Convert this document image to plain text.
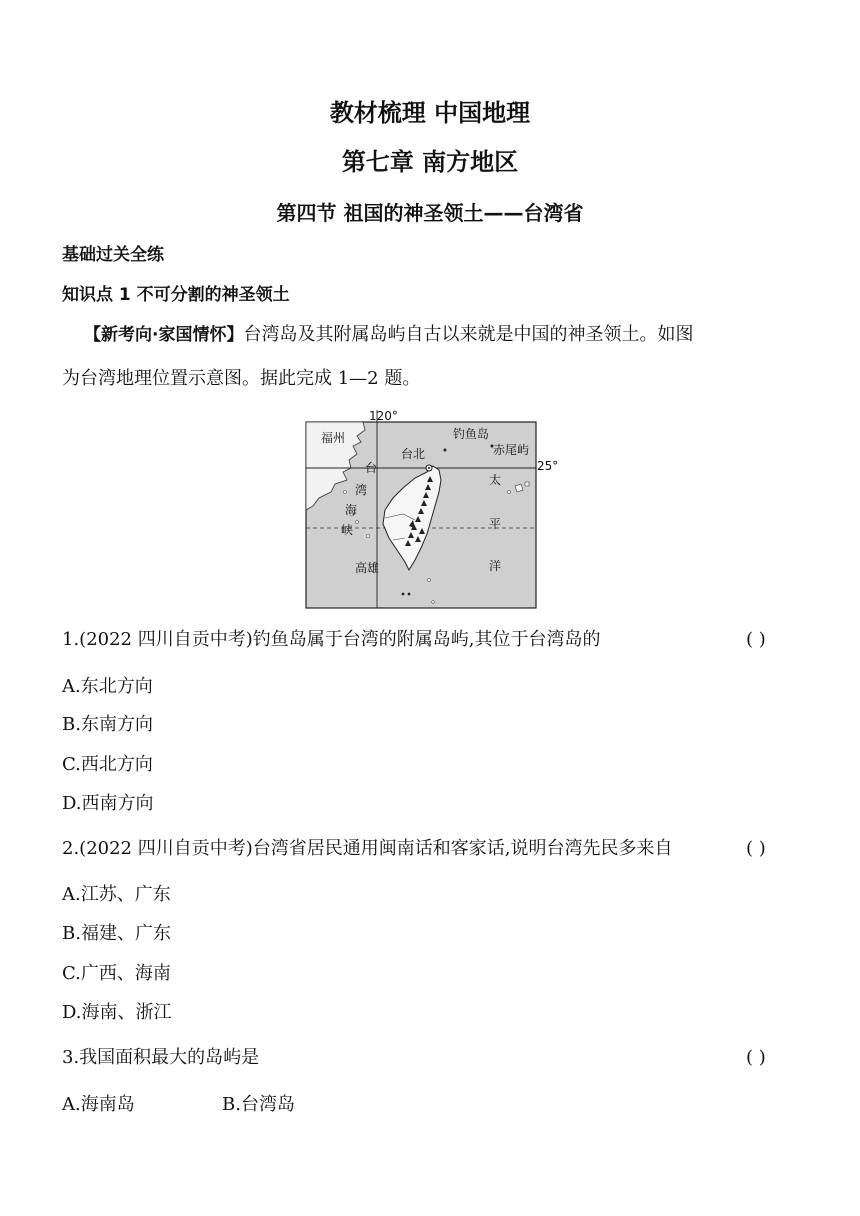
教材梳理 中国地理
第七章 南方地区
第四节 祖国的神圣领土——台湾省
基础过关全练
知识点 1 不可分割的神圣领土
【新考向·家国情怀】台湾岛及其附属岛屿自古以来就是中国的神圣领土。如图
为台湾地理位置示意图。据此完成 1—2 题。
120°
25°
福州
台北
钓鱼岛
赤尾屿
高雄
台
湾
海
峡
太
平
洋
1.(2022 四川自贡中考)钓鱼岛属于台湾的附属岛屿,其位于台湾岛的	( )
A.东北方向
B.东南方向
C.西北方向
D.西南方向
2.(2022 四川自贡中考)台湾省居民通用闽南话和客家话,说明台湾先民多来自	( )
A.江苏、广东
B.福建、广东
C.广西、海南
D.海南、浙江
3.我国面积最大的岛屿是	( )
A.海南岛	B.台湾岛
